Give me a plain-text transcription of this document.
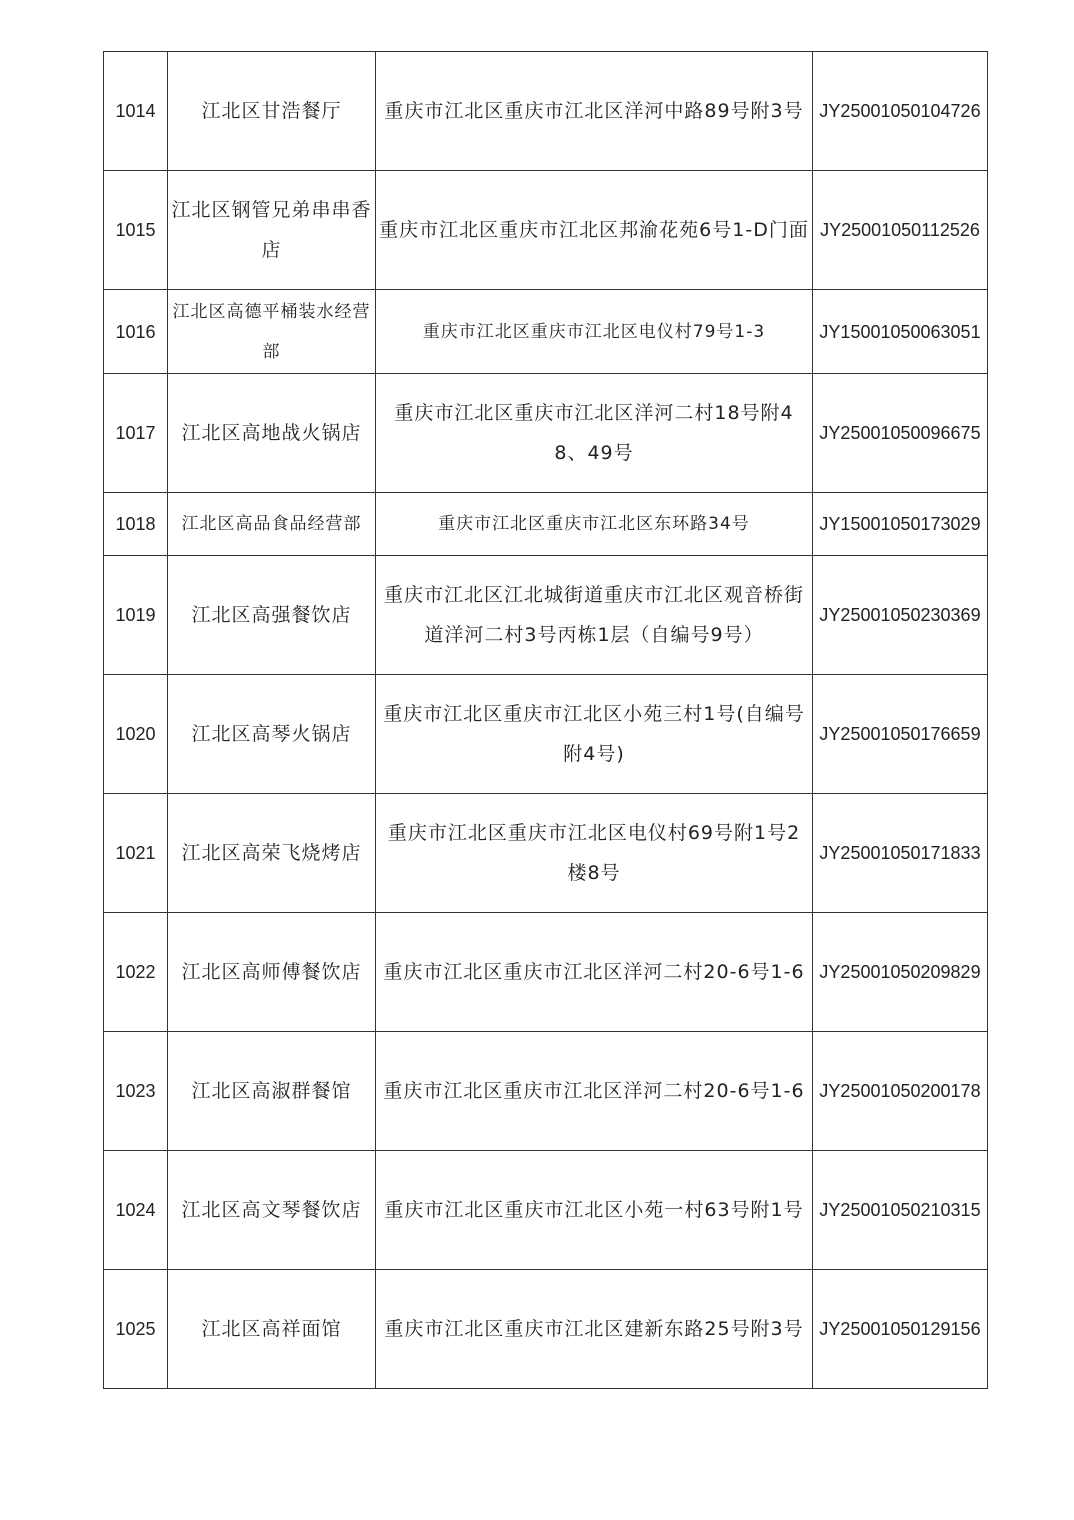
1014	江北区甘浩餐厅	重庆市江北区重庆市江北区洋河中路89号附3号	JY25001050104726
1015	江北区钢管兄弟串串香店	重庆市江北区重庆市江北区邦渝花苑6号1-D门面	JY25001050112526
1016	江北区高德平桶装水经营部	重庆市江北区重庆市江北区电仪村79号1-3	JY15001050063051
1017	江北区高地战火锅店	重庆市江北区重庆市江北区洋河二村18号附48、49号	JY25001050096675
1018	江北区高品食品经营部	重庆市江北区重庆市江北区东环路34号	JY15001050173029
1019	江北区高强餐饮店	重庆市江北区江北城街道重庆市江北区观音桥街道洋河二村3号丙栋1层（自编号9号）	JY25001050230369
1020	江北区高琴火锅店	重庆市江北区重庆市江北区小苑三村1号(自编号附4号)	JY25001050176659
1021	江北区高荣飞烧烤店	重庆市江北区重庆市江北区电仪村69号附1号2楼8号	JY25001050171833
1022	江北区高师傅餐饮店	重庆市江北区重庆市江北区洋河二村20-6号1-6	JY25001050209829
1023	江北区高淑群餐馆	重庆市江北区重庆市江北区洋河二村20-6号1-6	JY25001050200178
1024	江北区高文琴餐饮店	重庆市江北区重庆市江北区小苑一村63号附1号	JY25001050210315
1025	江北区高祥面馆	重庆市江北区重庆市江北区建新东路25号附3号	JY25001050129156
